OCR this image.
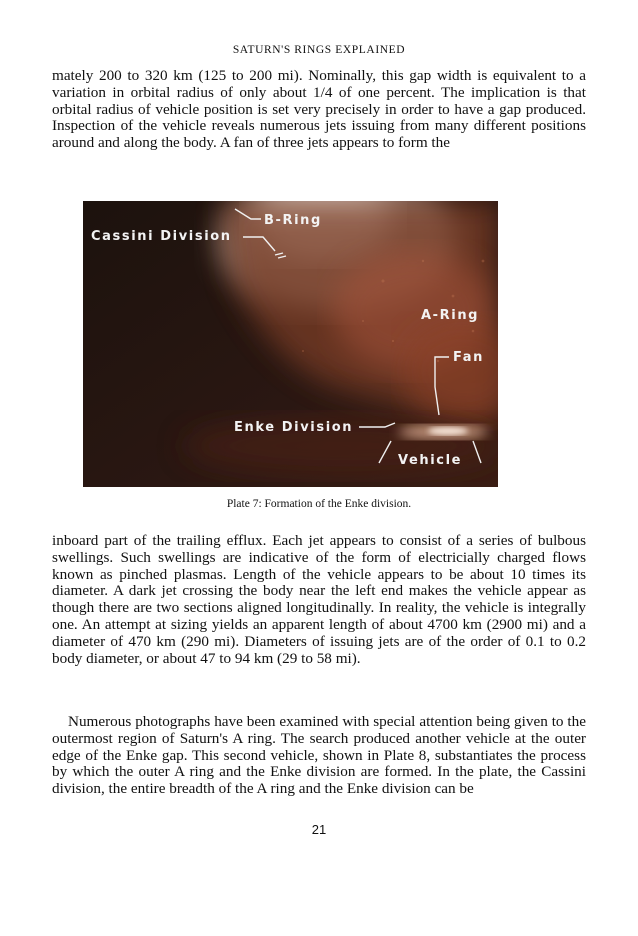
SATURN'S RINGS EXPLAINED

mately 200 to 320 km (125 to 200 mi). Nominally, this gap width is equivalent to a variation in orbital radius of only about 1/4 of one percent. The implication is that orbital radius of vehicle position is set very precisely in order to have a gap produced. Inspection of the vehicle reveals numerous jets issuing from many different positions around and along the body. A fan of three jets appears to form the

B-Ring
Cassini Division
A-Ring
Fan
Enke Division
Vehicle
Plate 7: Formation of the Enke division.

inboard part of the trailing efflux. Each jet appears to consist of a series of bulbous swellings. Such swellings are indicative of the form of electricially charged flows known as pinched plasmas. Length of the vehicle appears to be about 10 times its diameter. A dark jet crossing the body near the left end makes the vehicle appear as though there are two sections aligned longitudinally. In reality, the vehicle is integrally one. An attempt at sizing yields an apparent length of about 4700 km (2900 mi) and a diameter of 470 km (290 mi). Diameters of issuing jets are of the order of 0.1 to 0.2 body diameter, or about 47 to 94 km (29 to 58 mi).

Numerous photographs have been examined with special attention being given to the outermost region of Saturn's A ring. The search produced another vehicle at the outer edge of the Enke gap. This second vehicle, shown in Plate 8, substantiates the process by which the outer A ring and the Enke division are formed. In the plate, the Cassini division, the entire breadth of the A ring and the Enke division can be

21
